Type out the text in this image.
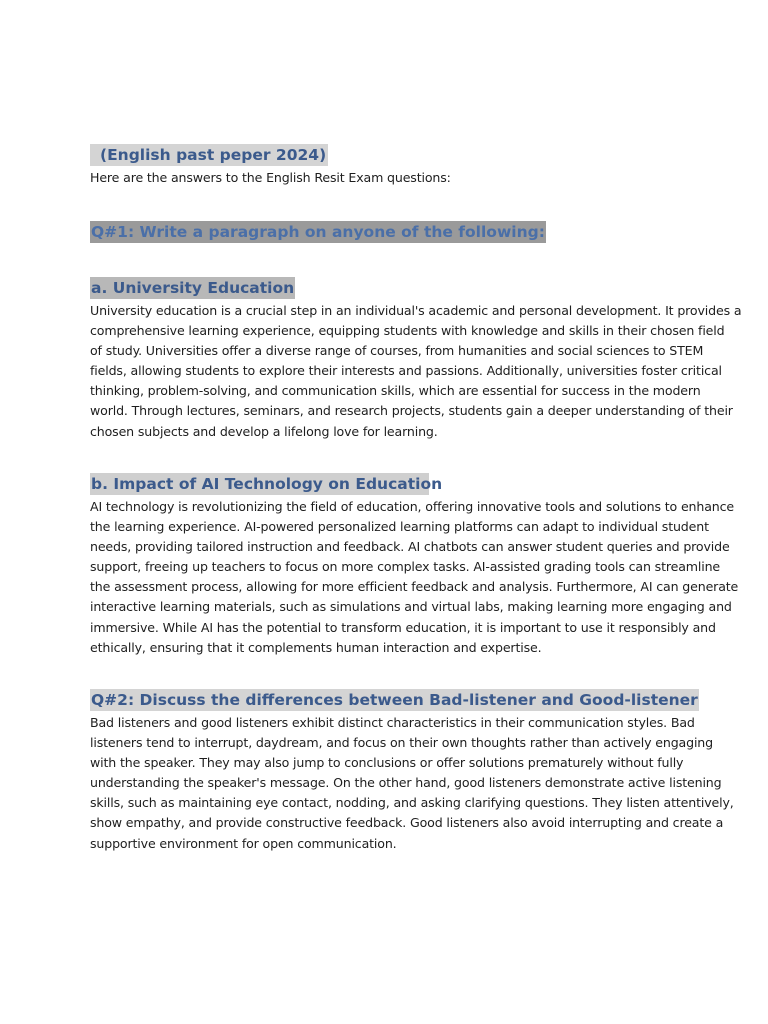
(English past peper 2024)
Here are the answers to the English Resit Exam questions:
Q#1: Write a paragraph on anyone of the following:
a. University Education
University education is a crucial step in an individual's academic and personal development. It provides a
comprehensive learning experience, equipping students with knowledge and skills in their chosen field
of study. Universities offer a diverse range of courses, from humanities and social sciences to STEM
fields, allowing students to explore their interests and passions. Additionally, universities foster critical
thinking, problem-solving, and communication skills, which are essential for success in the modern
world. Through lectures, seminars, and research projects, students gain a deeper understanding of their
chosen subjects and develop a lifelong love for learning.
b. Impact of AI Technology on Education
AI technology is revolutionizing the field of education, offering innovative tools and solutions to enhance
the learning experience. AI-powered personalized learning platforms can adapt to individual student
needs, providing tailored instruction and feedback. AI chatbots can answer student queries and provide
support, freeing up teachers to focus on more complex tasks. AI-assisted grading tools can streamline
the assessment process, allowing for more efficient feedback and analysis. Furthermore, AI can generate
interactive learning materials, such as simulations and virtual labs, making learning more engaging and
immersive. While AI has the potential to transform education, it is important to use it responsibly and
ethically, ensuring that it complements human interaction and expertise.
Q#2: Discuss the differences between Bad-listener and Good-listener
Bad listeners and good listeners exhibit distinct characteristics in their communication styles. Bad
listeners tend to interrupt, daydream, and focus on their own thoughts rather than actively engaging
with the speaker. They may also jump to conclusions or offer solutions prematurely without fully
understanding the speaker's message. On the other hand, good listeners demonstrate active listening
skills, such as maintaining eye contact, nodding, and asking clarifying questions. They listen attentively,
show empathy, and provide constructive feedback. Good listeners also avoid interrupting and create a
supportive environment for open communication.
